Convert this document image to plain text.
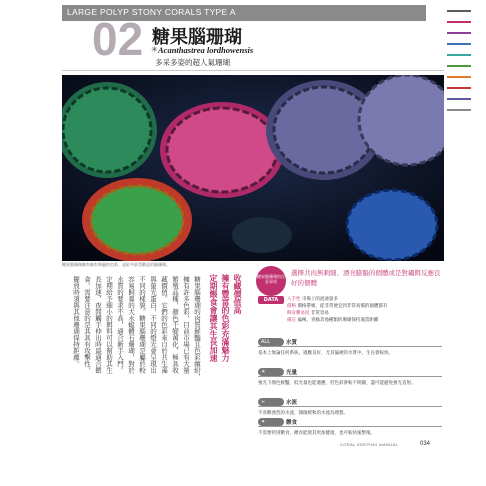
LARGE POLYP STONY CORALS TYPE A
02 糖果腦珊瑚
✳ Acanthastrea lordhowensis
多采多姿的超人氣珊瑚
糖果腦珊瑚擁有擁有絢麗的色彩，是缸中最受歡迎的腦珊瑚。
收藏價值高
擁有豐富的色彩充滿魅力
定期餵食會讓其生長加速
糖果腦珊瑚的肉質鮮豔且色彩繽紛，
擁有許多色彩，目前市場已有大量
繁殖品種，顏色千變萬化，極具收
藏價值。它們的色彩來自於共生藻
與螢光蛋白，不同的燈光會呈現出
不同的樣貌。糖果腦珊瑚是屬於較
容易飼養的大水螅體石珊瑚，對於
水質的要求不高，適合新手入門。
定期給予細小的餌料可以幫助其生
長加速，夜間觸手伸出時最適合餵
食。需要注意的是其具有攻擊性，
擺放時須與其他珊瑚保持距離。	糖果腦珊瑚的注意事項
選擇共肉無刺細、漂亮膨脹的個體或是對鑷餌反應良好的個體
DATA	入手性 市場上的流通量多
價格 價格帶廣，從非常便宜到非常高價的個體都有
飼育難易度 非常容易
備註 偏褐、青綠其他種類的珊瑚保持適當距離
ALL	水質
基本上無論任何系統，適應良好，尤其偏硬的水質中，生長會較快。
☀	光量
強光下顏色鮮豔，低光量也能適應，但色彩會較不明顯，盡可能避免強光直射。
≈	水流
不喜歡強烈的水流，開啟緩和的水流為理想。
✦	餵食
不需要特別餵食，餵食能使其更加健康，也可較快速繁殖。
CORAL KEEPING MANUAL	034
